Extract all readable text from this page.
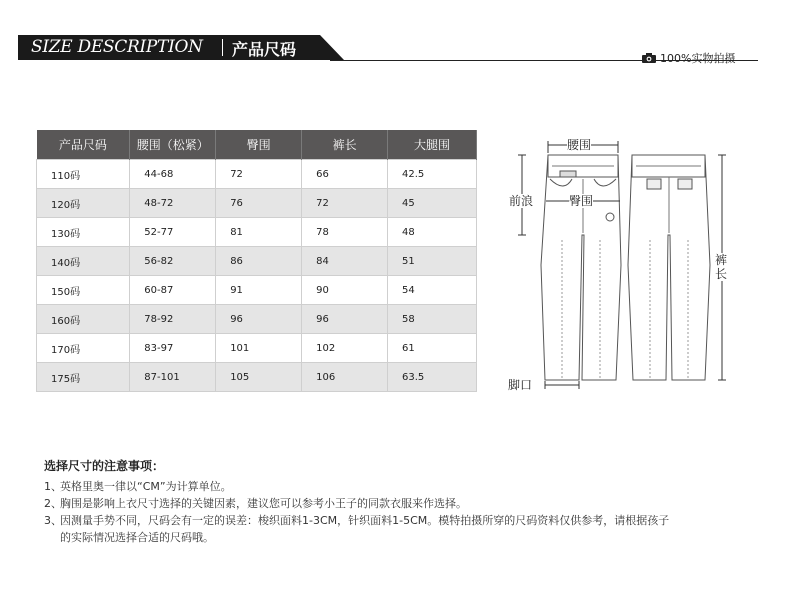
SIZE DESCRIPTION 产品尺码	100%实物拍摄
产品尺码	腰围（松紧）	臀围	裤长	大腿围
110码	44-68	72	66	42.5
120码	48-72	76	72	45
130码	52-77	81	78	48
140码	56-82	86	84	51
150码	60-87	91	90	54
160码	78-92	96	96	58
170码	83-97	101	102	61
175码	87-101	105	106	63.5
腰围
前浪	臀围
裤长
脚口
选择尺寸的注意事项：
1、
英格里奥一律以“CM”为计算单位。
2、
胸围是影响上衣尺寸选择的关键因素，建议您可以参考小王子的同款衣服来作选择。
3、
因测量手势不同，尺码会有一定的误差：梭织面料1-3CM，针织面料1-5CM。模特拍摄所穿的尺码资料仅供参考，请根据孩子
的实际情况选择合适的尺码哦。
